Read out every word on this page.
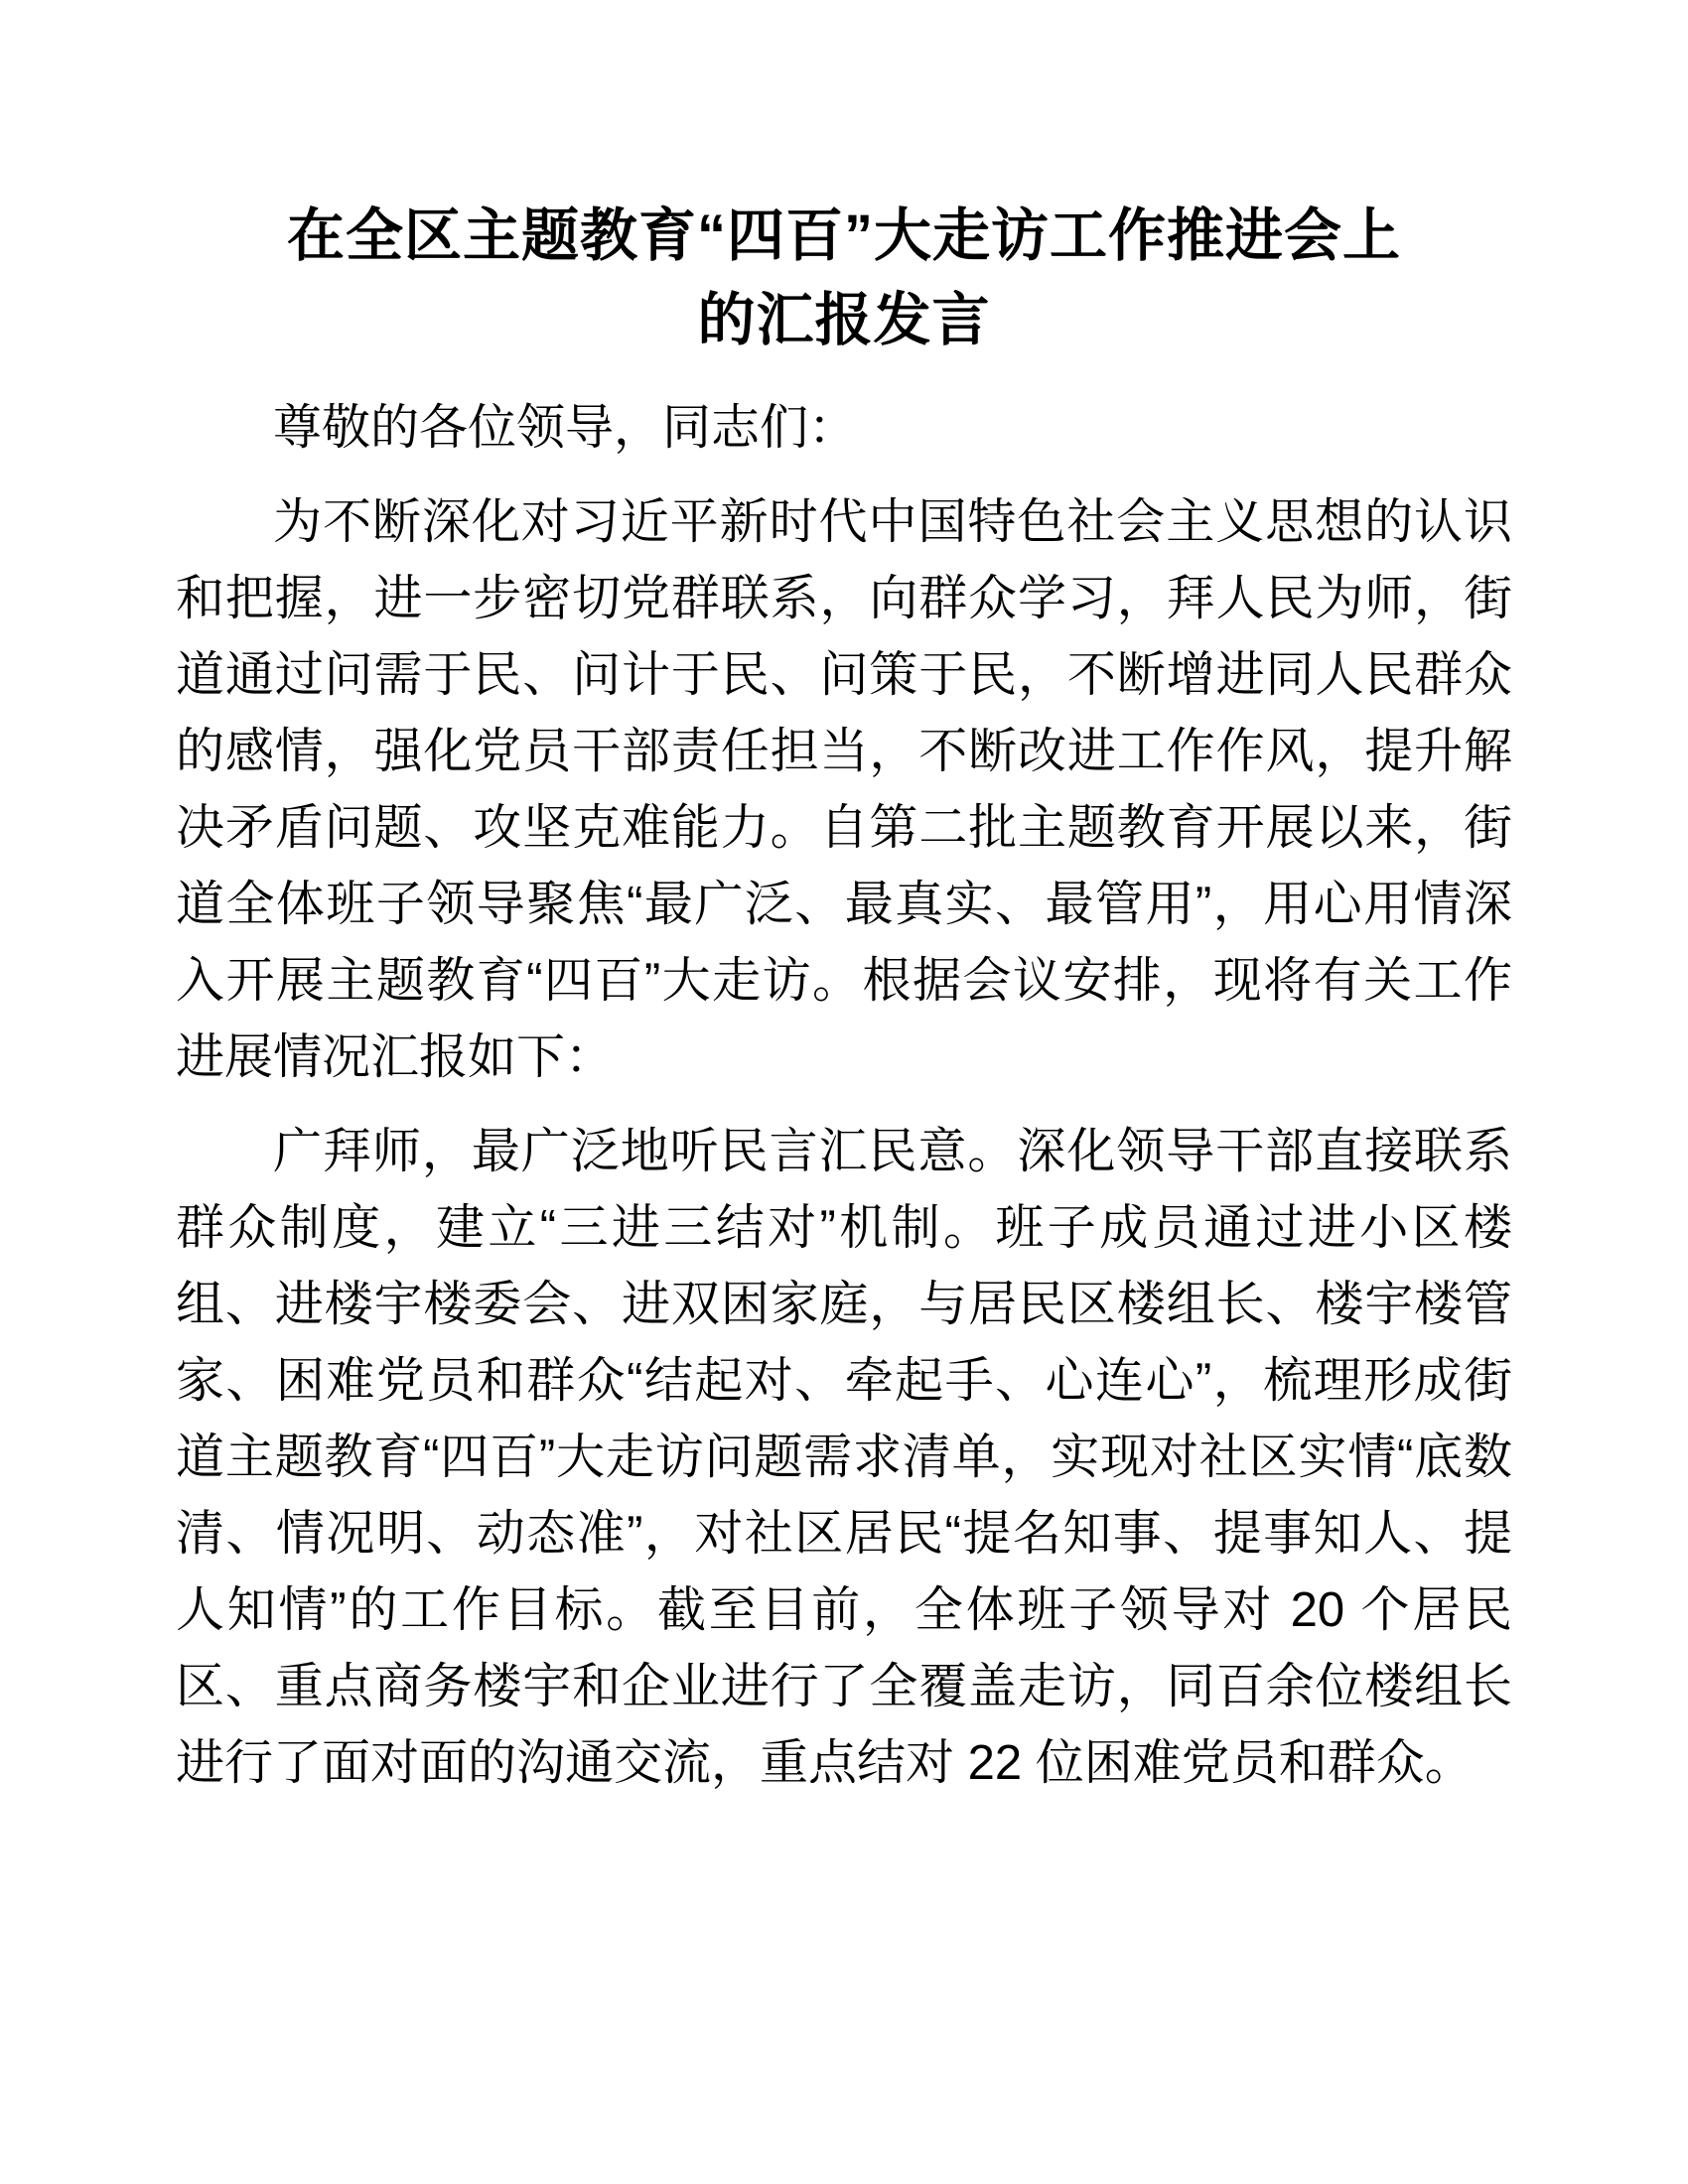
在全区主题教育“四百”大走访工作推进会上
的汇报发言

尊敬的各位领导，同志们：

为不断深化对习近平新时代中国特色社会主义思想的认识和把握，进一步密切党群联系，向群众学习，拜人民为师，街道通过问需于民、问计于民、问策于民，不断增进同人民群众的感情，强化党员干部责任担当，不断改进工作作风，提升解决矛盾问题、攻坚克难能力。自第二批主题教育开展以来，街道全体班子领导聚焦“最广泛、最真实、最管用”，用心用情深入开展主题教育“四百”大走访。根据会议安排，现将有关工作进展情况汇报如下：

广拜师，最广泛地听民言汇民意。深化领导干部直接联系群众制度，建立“三进三结对”机制。班子成员通过进小区楼组、进楼宇楼委会、进双困家庭，与居民区楼组长、楼宇楼管家、困难党员和群众“结起对、牵起手、心连心”，梳理形成街道主题教育“四百”大走访问题需求清单，实现对社区实情“底数清、情况明、动态准”，对社区居民“提名知事、提事知人、提人知情”的工作目标。截至目前，全体班子领导对 20 个居民区、重点商务楼宇和企业进行了全覆盖走访，同百余位楼组长进行了面对面的沟通交流，重点结对 22 位困难党员和群众。
